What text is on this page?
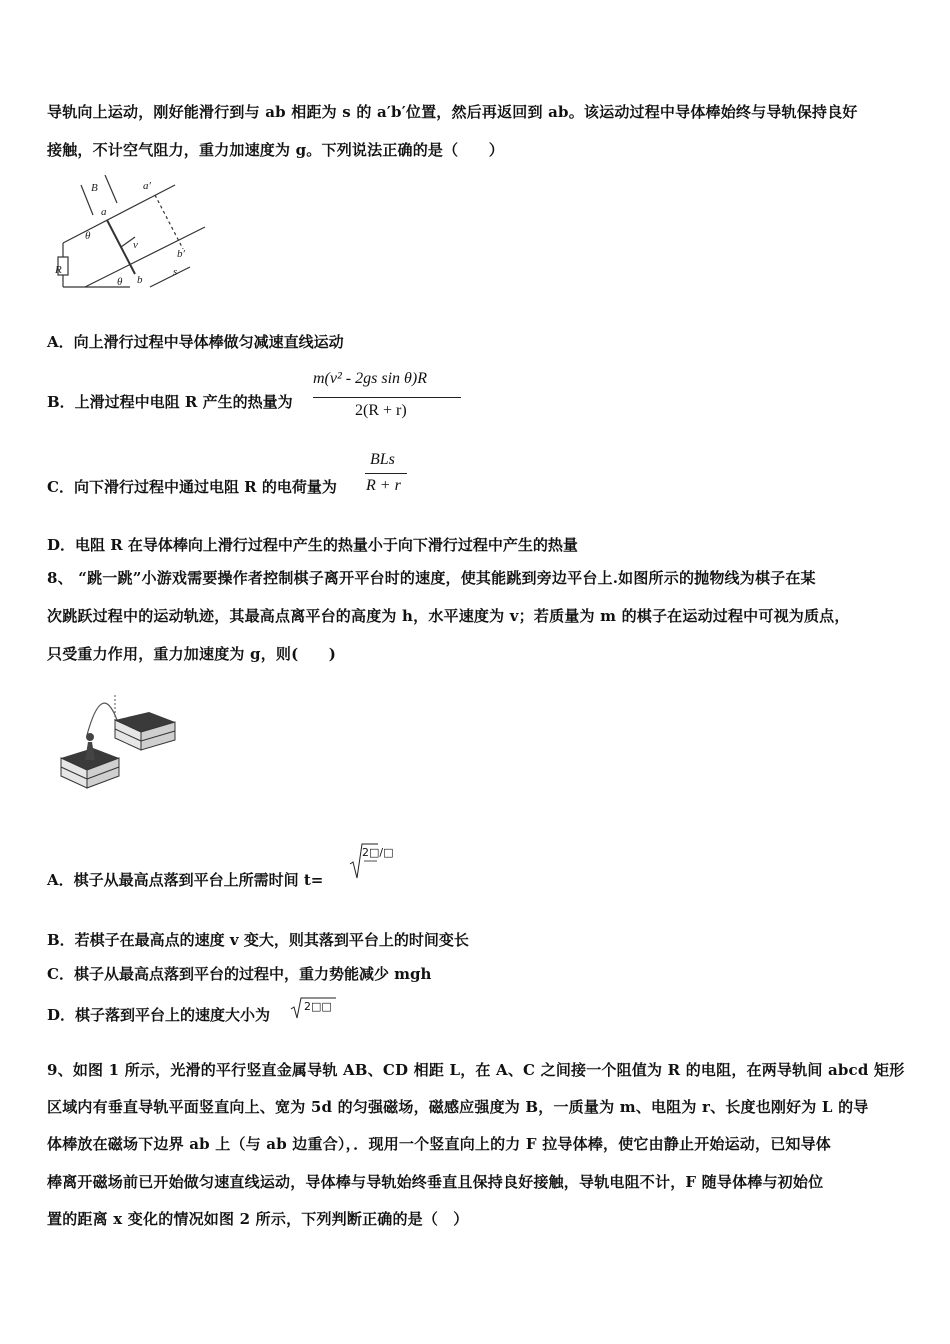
导轨向上运动，刚好能滑行到与 ab 相距为 s 的 a′b′位置，然后再返回到 ab。该运动过程中导体棒始终与导轨保持良好
接触，不计空气阻力，重力加速度为 g。下列说法正确的是（　　）
B
a
a′
θ
v
R
b
b′
s
θ
A．向上滑行过程中导体棒做匀减速直线运动
B．上滑过程中电阻 R 产生的热量为
m(v² - 2gs sin θ)R
2(R + r)
C．向下滑行过程中通过电阻 R 的电荷量为
BLs
R + r
D．电阻 R 在导体棒向上滑行过程中产生的热量小于向下滑行过程中产生的热量
8、 “跳一跳”小游戏需要操作者控制棋子离开平台时的速度，使其能跳到旁边平台上.如图所示的抛物线为棋子在某
次跳跃过程中的运动轨迹，其最高点离平台的高度为 h，水平速度为 v；若质量为 m 的棋子在运动过程中可视为质点，
只受重力作用，重力加速度为 g，则(　　)
A．棋子从最高点落到平台上所需时间 t=
2□/□
B．若棋子在最高点的速度 v 变大，则其落到平台上的时间变长
C．棋子从最高点落到平台的过程中，重力势能减少 mgh
D．棋子落到平台上的速度大小为	2□□
9、如图 1 所示，光滑的平行竖直金属导轨 AB、CD 相距 L，在 A、C 之间接一个阻值为 R 的电阻，在两导轨间 abcd 矩形
区域内有垂直导轨平面竖直向上、宽为 5d 的匀强磁场，磁感应强度为 B，一质量为 m、电阻为 r、长度也刚好为 L 的导
体棒放在磁场下边界 ab 上（与 ab 边重合），．现用一个竖直向上的力 F 拉导体棒，使它由静止开始运动，已知导体
棒离开磁场前已开始做匀速直线运动，导体棒与导轨始终垂直且保持良好接触，导轨电阻不计，F 随导体棒与初始位
置的距离 x 变化的情况如图 2 所示，下列判断正确的是（　）
